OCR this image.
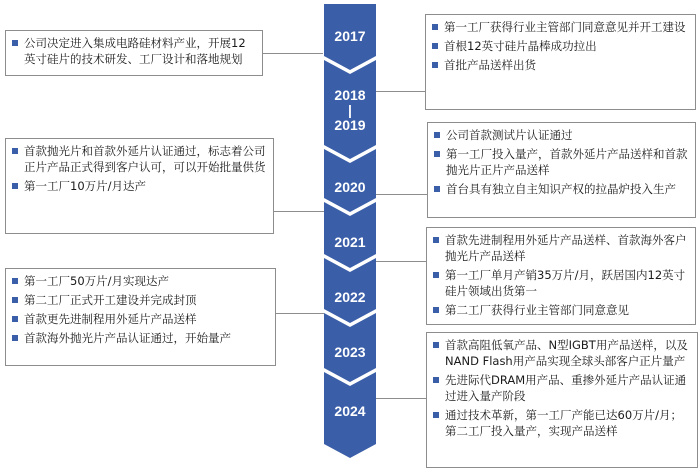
2017
2018
|
2019
2020
2021
2022
2023
2024
公司决定进入集成电路硅材料产业，开展12英寸硅片的技术研发、工厂设计和落地规划
首款抛光片和首款外延片认证通过，标志着公司正片产品正式得到客户认可，可以开始批量供货
第一工厂10万片/月达产
第一工厂50万片/月实现达产
第二工厂正式开工建设并完成封顶
首款更先进制程用外延片产品送样
首款海外抛光片产品认证通过，开始量产
第一工厂获得行业主管部门同意意见并开工建设
首根12英寸硅片晶棒成功拉出
首批产品送样出货
公司首款测试片认证通过
第一工厂投入量产，首款外延片产品送样和首款抛光片正片产品送样
首台具有独立自主知识产权的拉晶炉投入生产
首款先进制程用外延片产品送样、首款海外客户抛光片产品送样
第一工厂单月产销35万片/月，跃居国内12英寸硅片领域出货第一
第二工厂获得行业主管部门同意意见
首款高阻低氧产品、N型IGBT用产品送样，以及NAND Flash用产品实现全球头部客户正片量产
先进际代DRAM用产品、重掺外延片产品认证通过进入量产阶段
通过技术革新，第一工厂产能已达60万片/月；第二工厂投入量产，实现产品送样
